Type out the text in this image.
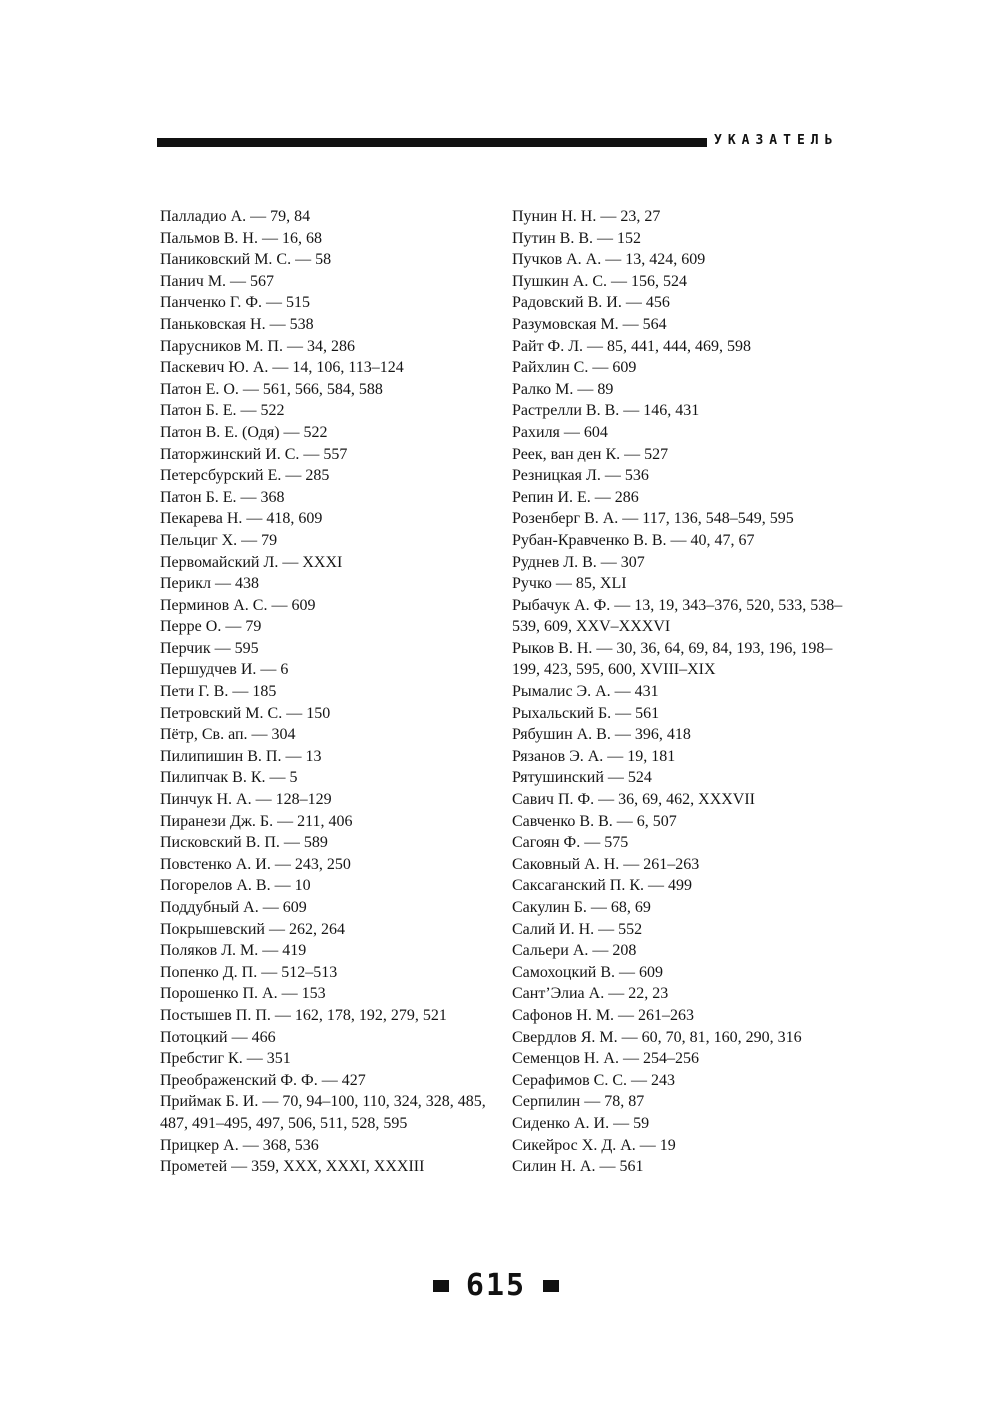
УКАЗАТЕЛЬ
Палладио А. — 79, 84
Пальмов В. Н. — 16, 68
Паниковский М. С. — 58
Панич М. — 567
Панченко Г. Ф. — 515
Паньковская Н. — 538
Парусников М. П. — 34, 286
Паскевич Ю. А. — 14, 106, 113–124
Патон Е. О. — 561, 566, 584, 588
Патон Б. Е. — 522
Патон В. Е. (Одя) — 522
Паторжинский И. С. — 557
Петерсбурский Е. — 285
Патон Б. Е. — 368
Пекарева Н. — 418, 609
Пельциг Х. — 79
Первомайский Л. — XXXI
Перикл — 438
Перминов А. С. — 609
Перре О. — 79
Перчик — 595
Першудчев И. — 6
Пети Г. В. — 185
Петровский М. С. — 150
Пётр, Св. ап. — 304
Пилипишин В. П. — 13
Пилипчак В. К. — 5
Пинчук Н. А. — 128–129
Пиранези Дж. Б. — 211, 406
Писковский В. П. — 589
Повстенко А. И. — 243, 250
Погорелов А. В. — 10
Поддубный А. — 609
Покрышевский — 262, 264
Поляков Л. М. — 419
Попенко Д. П. — 512–513
Порошенко П. А. — 153
Постышев П. П. — 162, 178, 192, 279, 521
Потоцкий — 466
Пребстиг К. — 351
Преображенский Ф. Ф. — 427
Приймак Б. И. — 70, 94–100, 110, 324, 328, 485, 487, 491–495, 497, 506, 511, 528, 595
Прицкер А. — 368, 536
Прометей — 359, XXX, XXXI, XXXIII
Пунин Н. Н. — 23, 27
Путин В. В. — 152
Пучков А. А. — 13, 424, 609
Пушкин А. С. — 156, 524
Радовский В. И. — 456
Разумовская М. — 564
Райт Ф. Л. — 85, 441, 444, 469, 598
Райхлин С. — 609
Ралко М. — 89
Растрелли В. В. — 146, 431
Рахиля — 604
Реек, ван ден К. — 527
Резницкая Л. — 536
Репин И. Е. — 286
Розенберг В. А. — 117, 136, 548–549, 595
Рубан-Кравченко В. В. — 40, 47, 67
Руднев Л. В. — 307
Ручко — 85, XLI
Рыбачук А. Ф. — 13, 19, 343–376, 520, 533, 538–539, 609, XXV–XXXVI
Рыков В. Н. — 30, 36, 64, 69, 84, 193, 196, 198–199, 423, 595, 600, XVIII–XIX
Рымалис Э. А. — 431
Рыхальский Б. — 561
Рябушин А. В. — 396, 418
Рязанов Э. А. — 19, 181
Рятушинский — 524
Савич П. Ф. — 36, 69, 462, XXXVII
Савченко В. В. — 6, 507
Сагоян Ф. — 575
Саковный А. Н. — 261–263
Саксаганский П. К. — 499
Сакулин Б. — 68, 69
Салий И. Н. — 552
Сальери А. — 208
Самохоцкий В. — 609
Сант’Элиа А. — 22, 23
Сафонов Н. М. — 261–263
Свердлов Я. М. — 60, 70, 81, 160, 290, 316
Семенцов Н. А. — 254–256
Серафимов С. С. — 243
Серпилин — 78, 87
Сиденко А. И. — 59
Сикейрос Х. Д. А. — 19
Силин Н. А. — 561
615
